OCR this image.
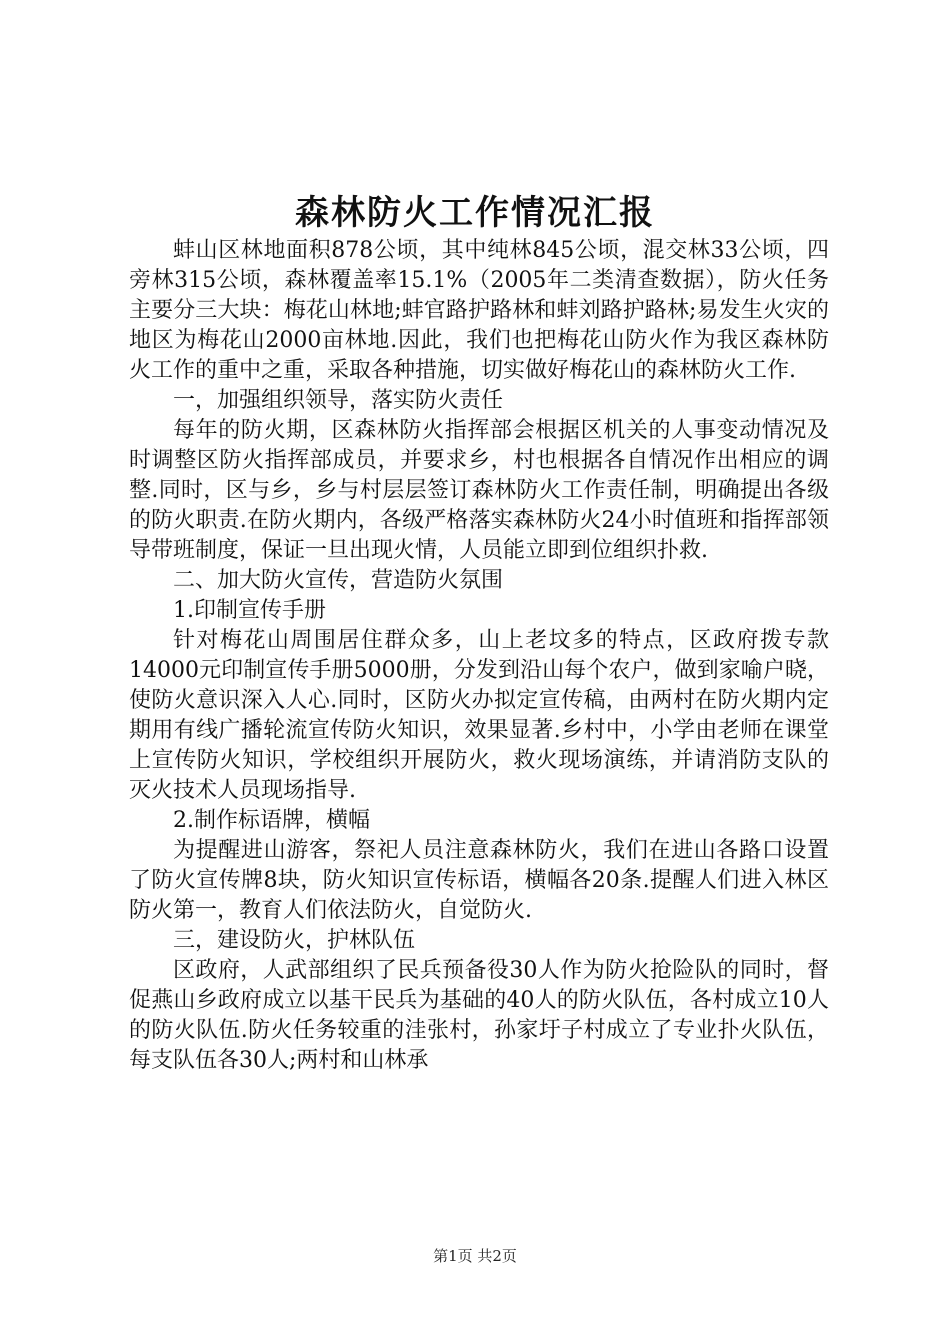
森林防火工作情况汇报

蚌山区林地面积878公顷，其中纯林845公顷，混交林33公顷，四旁林315公顷，森林覆盖率15.1%（2005年二类清查数据），防火任务主要分三大块：梅花山林地;蚌官路护路林和蚌刘路护路林;易发生火灾的地区为梅花山2000亩林地.因此，我们也把梅花山防火作为我区森林防火工作的重中之重，采取各种措施，切实做好梅花山的森林防火工作.

一，加强组织领导，落实防火责任

每年的防火期，区森林防火指挥部会根据区机关的人事变动情况及时调整区防火指挥部成员，并要求乡，村也根据各自情况作出相应的调整.同时，区与乡，乡与村层层签订森林防火工作责任制，明确提出各级的防火职责.在防火期内，各级严格落实森林防火24小时值班和指挥部领导带班制度，保证一旦出现火情，人员能立即到位组织扑救.

二、加大防火宣传，营造防火氛围

1.印制宣传手册

针对梅花山周围居住群众多，山上老坟多的特点，区政府拨专款14000元印制宣传手册5000册，分发到沿山每个农户，做到家喻户晓，使防火意识深入人心.同时，区防火办拟定宣传稿，由两村在防火期内定期用有线广播轮流宣传防火知识，效果显著.乡村中，小学由老师在课堂上宣传防火知识，学校组织开展防火，救火现场演练，并请消防支队的灭火技术人员现场指导.

2.制作标语牌，横幅

为提醒进山游客，祭祀人员注意森林防火，我们在进山各路口设置了防火宣传牌8块，防火知识宣传标语，横幅各20条.提醒人们进入林区防火第一，教育人们依法防火，自觉防火.

三，建设防火，护林队伍

区政府，人武部组织了民兵预备役30人作为防火抢险队的同时，督促燕山乡政府成立以基干民兵为基础的40人的防火队伍，各村成立10人的防火队伍.防火任务较重的洼张村，孙家圩子村成立了专业扑火队伍，每支队伍各30人;两村和山林承

第1页 共2页
